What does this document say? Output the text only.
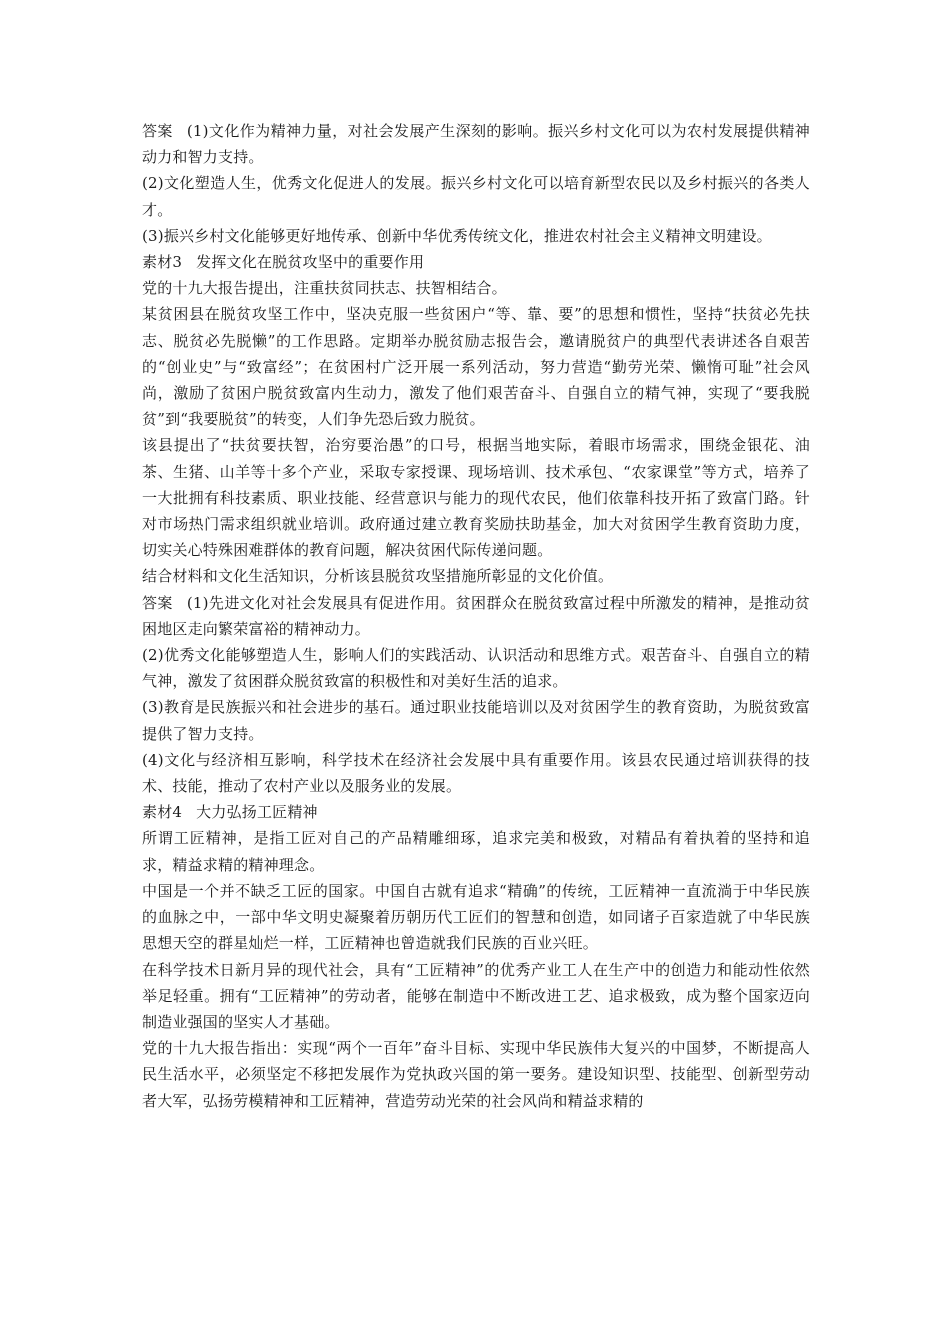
答案 (1)文化作为精神力量，对社会发展产生深刻的影响。振兴乡村文化可以为农村发展提供精神动力和智力支持。

(2)文化塑造人生，优秀文化促进人的发展。振兴乡村文化可以培育新型农民以及乡村振兴的各类人才。

(3)振兴乡村文化能够更好地传承、创新中华优秀传统文化，推进农村社会主义精神文明建设。

素材3 发挥文化在脱贫攻坚中的重要作用

党的十九大报告提出，注重扶贫同扶志、扶智相结合。

某贫困县在脱贫攻坚工作中，坚决克服一些贫困户“等、靠、要”的思想和惯性，坚持“扶贫必先扶志、脱贫必先脱懒”的工作思路。定期举办脱贫励志报告会，邀请脱贫户的典型代表讲述各自艰苦的“创业史”与“致富经”；在贫困村广泛开展一系列活动，努力营造“勤劳光荣、懒惰可耻”社会风尚，激励了贫困户脱贫致富内生动力，激发了他们艰苦奋斗、自强自立的精气神，实现了“要我脱贫”到“我要脱贫”的转变，人们争先恐后致力脱贫。

该县提出了“扶贫要扶智，治穷要治愚”的口号，根据当地实际，着眼市场需求，围绕金银花、油茶、生猪、山羊等十多个产业，采取专家授课、现场培训、技术承包、“农家课堂”等方式，培养了一大批拥有科技素质、职业技能、经营意识与能力的现代农民，他们依靠科技开拓了致富门路。针对市场热门需求组织就业培训。政府通过建立教育奖励扶助基金，加大对贫困学生教育资助力度，切实关心特殊困难群体的教育问题，解决贫困代际传递问题。

结合材料和文化生活知识，分析该县脱贫攻坚措施所彰显的文化价值。

答案 (1)先进文化对社会发展具有促进作用。贫困群众在脱贫致富过程中所激发的精神，是推动贫困地区走向繁荣富裕的精神动力。

(2)优秀文化能够塑造人生，影响人们的实践活动、认识活动和思维方式。艰苦奋斗、自强自立的精气神，激发了贫困群众脱贫致富的积极性和对美好生活的追求。

(3)教育是民族振兴和社会进步的基石。通过职业技能培训以及对贫困学生的教育资助，为脱贫致富提供了智力支持。

(4)文化与经济相互影响，科学技术在经济社会发展中具有重要作用。该县农民通过培训获得的技术、技能，推动了农村产业以及服务业的发展。

素材4 大力弘扬工匠精神

所谓工匠精神，是指工匠对自己的产品精雕细琢，追求完美和极致，对精品有着执着的坚持和追求，精益求精的精神理念。

中国是一个并不缺乏工匠的国家。中国自古就有追求“精确”的传统，工匠精神一直流淌于中华民族的血脉之中，一部中华文明史凝聚着历朝历代工匠们的智慧和创造，如同诸子百家造就了中华民族思想天空的群星灿烂一样，工匠精神也曾造就我们民族的百业兴旺。

在科学技术日新月异的现代社会，具有“工匠精神”的优秀产业工人在生产中的创造力和能动性依然举足轻重。拥有“工匠精神”的劳动者，能够在制造中不断改进工艺、追求极致，成为整个国家迈向制造业强国的坚实人才基础。

党的十九大报告指出：实现“两个一百年”奋斗目标、实现中华民族伟大复兴的中国梦，不断提高人民生活水平，必须坚定不移把发展作为党执政兴国的第一要务。建设知识型、技能型、创新型劳动者大军，弘扬劳模精神和工匠精神，营造劳动光荣的社会风尚和精益求精的
